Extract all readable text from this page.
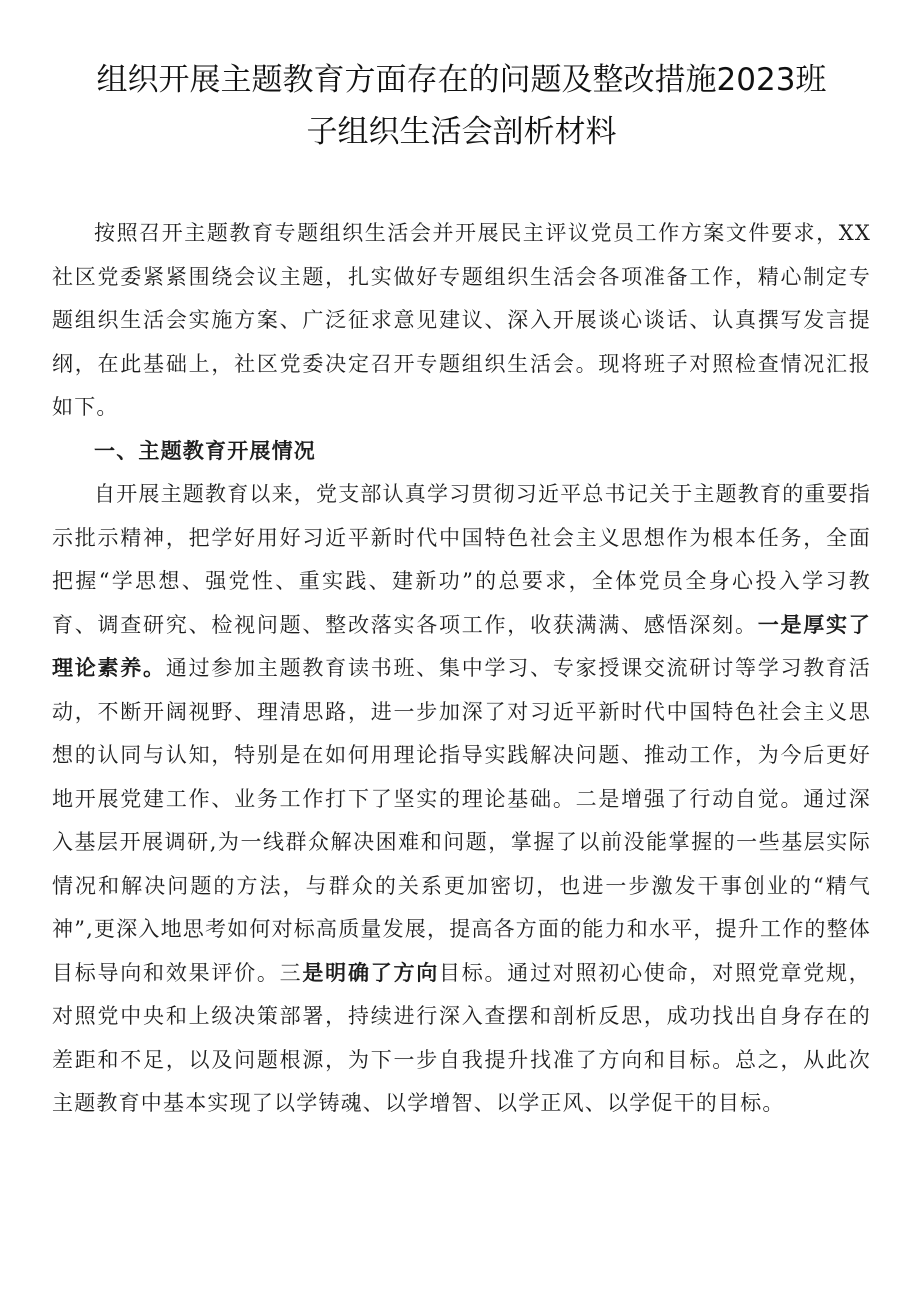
组织开展主题教育方面存在的问题及整改措施2023班
子组织生活会剖析材料

按照召开主题教育专题组织生活会并开展民主评议党员工作方案文件要求，XX社区党委紧紧围绕会议主题，扎实做好专题组织生活会各项准备工作，精心制定专题组织生活会实施方案、广泛征求意见建议、深入开展谈心谈话、认真撰写发言提纲，在此基础上，社区党委决定召开专题组织生活会。现将班子对照检查情况汇报如下。

一、主题教育开展情况

自开展主题教育以来，党支部认真学习贯彻习近平总书记关于主题教育的重要指示批示精神，把学好用好习近平新时代中国特色社会主义思想作为根本任务，全面把握“学思想、强党性、重实践、建新功”的总要求，全体党员全身心投入学习教育、调查研究、检视问题、整改落实各项工作，收获满满、感悟深刻。一是厚实了理论素养。通过参加主题教育读书班、集中学习、专家授课交流研讨等学习教育活动，不断开阔视野、理清思路，进一步加深了对习近平新时代中国特色社会主义思想的认同与认知，特别是在如何用理论指导实践解决问题、推动工作，为今后更好地开展党建工作、业务工作打下了坚实的理论基础。二是增强了行动自觉。通过深入基层开展调研,为一线群众解决困难和问题，掌握了以前没能掌握的一些基层实际情况和解决问题的方法，与群众的关系更加密切，也进一步激发干事创业的“精气神”,更深入地思考如何对标高质量发展，提高各方面的能力和水平，提升工作的整体目标导向和效果评价。三是明确了方向目标。通过对照初心使命，对照党章党规，对照党中央和上级决策部署，持续进行深入查摆和剖析反思，成功找出自身存在的差距和不足，以及问题根源，为下一步自我提升找准了方向和目标。总之，从此次主题教育中基本实现了以学铸魂、以学增智、以学正风、以学促干的目标。
